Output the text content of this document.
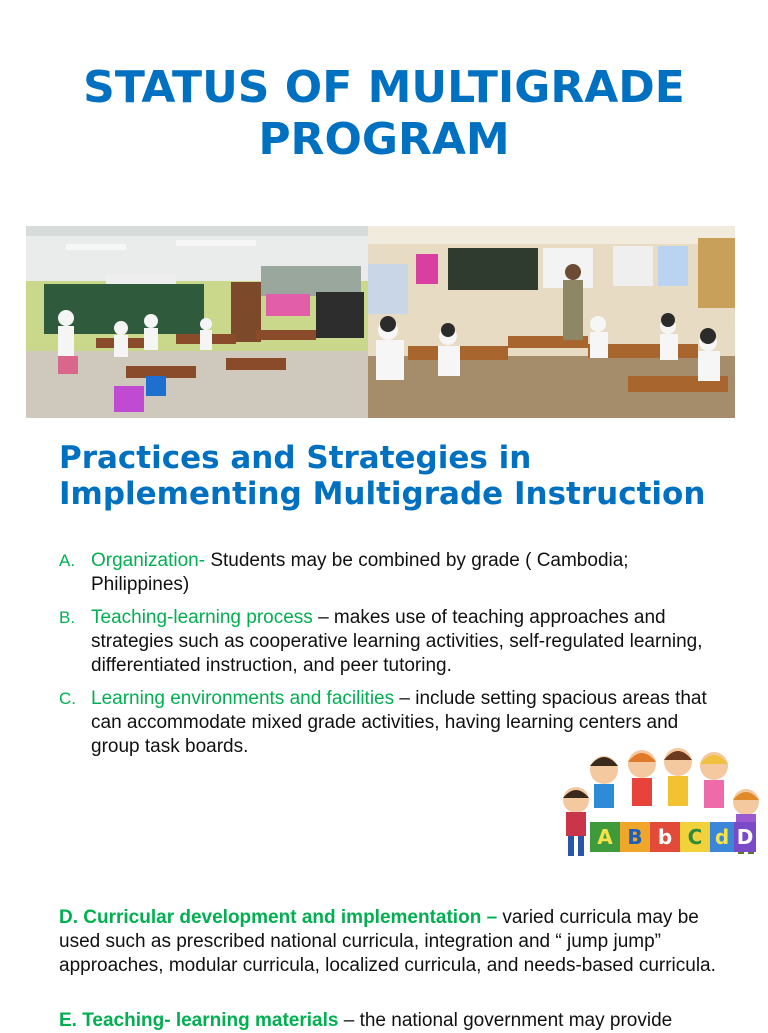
STATUS OF MULTIGRADE PROGRAM
Practices and Strategies in Implementing Multigrade Instruction
A. Organization- Students may be combined by grade ( Cambodia; Philippines)
B. Teaching-learning process – makes use of teaching approaches and strategies such as cooperative learning activities, self-regulated learning, differentiated instruction, and peer tutoring.
C. Learning environments and facilities – include setting spacious areas that can accommodate mixed grade activities, having learning centers and group task boards.
A B b C d D

D. Curricular development and implementation – varied curricula may be used such as prescribed national curricula, integration and “ jump jump” approaches, modular curricula, localized curricula, and needs-based curricula.

E. Teaching- learning materials – the national government may provide
